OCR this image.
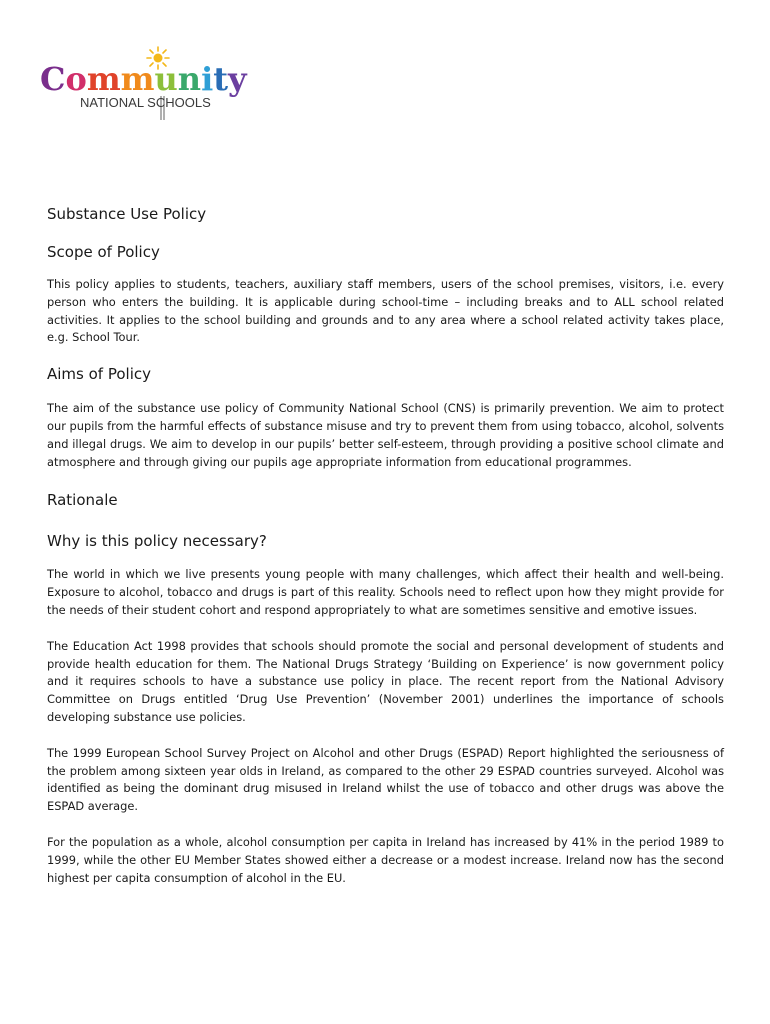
Community
NATIONAL SCHOOLS
Substance Use Policy
Scope of Policy

This policy applies to students, teachers, auxiliary staff members, users of the school premises, visitors, i.e. every person who enters the building. It is applicable during school-time – including breaks and to ALL school related activities. It applies to the school building and grounds and to any area where a school related activity takes place, e.g. School Tour.

Aims of Policy

The aim of the substance use policy of Community National School (CNS) is primarily prevention. We aim to protect our pupils from the harmful effects of substance misuse and try to prevent them from using tobacco, alcohol, solvents and illegal drugs. We aim to develop in our pupils’ better self-esteem, through providing a positive school climate and atmosphere and through giving our pupils age appropriate information from educational programmes.

Rationale
Why is this policy necessary?

The world in which we live presents young people with many challenges, which affect their health and well-being. Exposure to alcohol, tobacco and drugs is part of this reality. Schools need to reflect upon how they might provide for the needs of their student cohort and respond appropriately to what are sometimes sensitive and emotive issues.

The Education Act 1998 provides that schools should promote the social and personal development of students and provide health education for them. The National Drugs Strategy ‘Building on Experience’ is now government policy and it requires schools to have a substance use policy in place. The recent report from the National Advisory Committee on Drugs entitled ‘Drug Use Prevention’ (November 2001) underlines the importance of schools developing substance use policies.

The 1999 European School Survey Project on Alcohol and other Drugs (ESPAD) Report highlighted the seriousness of the problem among sixteen year olds in Ireland, as compared to the other 29 ESPAD countries surveyed. Alcohol was identified as being the dominant drug misused in Ireland whilst the use of tobacco and other drugs was above the ESPAD average.

For the population as a whole, alcohol consumption per capita in Ireland has increased by 41% in the period 1989 to 1999, while the other EU Member States showed either a decrease or a modest increase. Ireland now has the second highest per capita consumption of alcohol in the EU.
